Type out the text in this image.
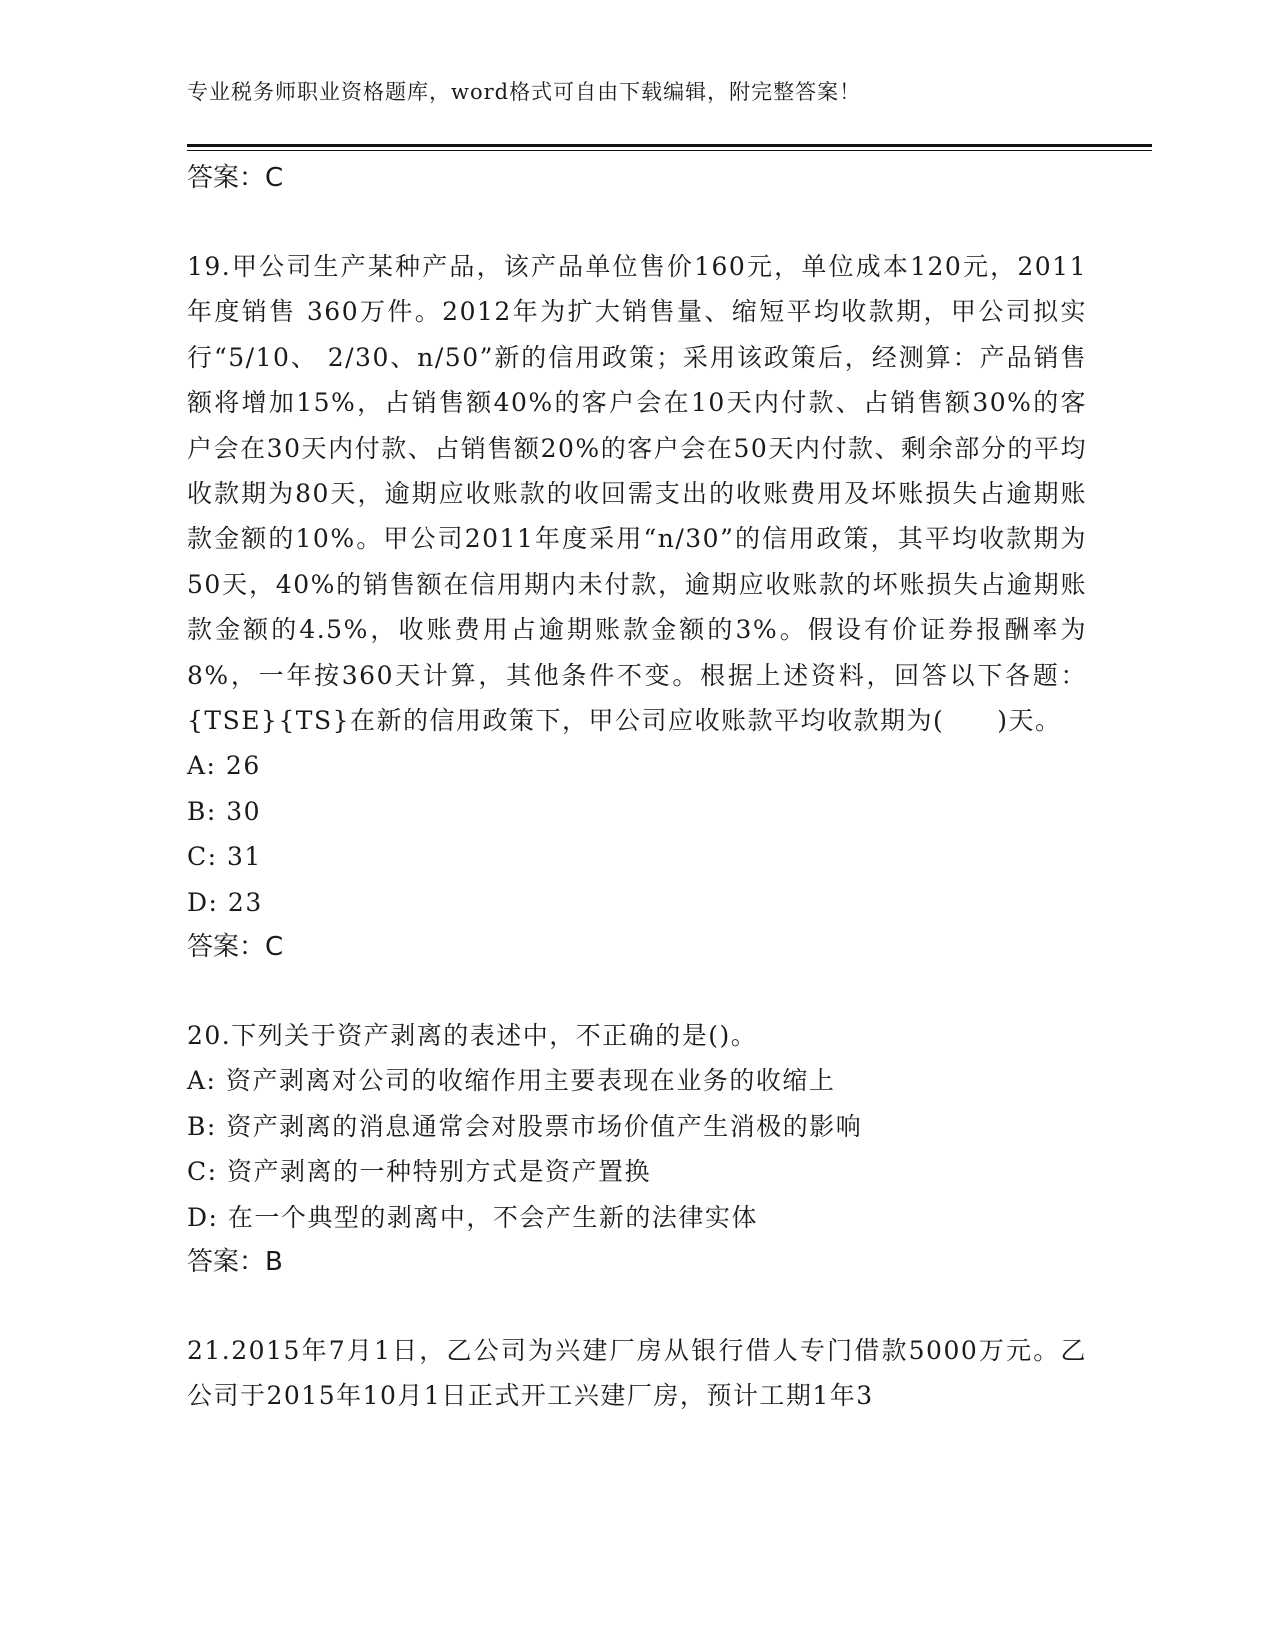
专业税务师职业资格题库，word格式可自由下载编辑，附完整答案！
答案：C

19.甲公司生产某种产品，该产品单位售价160元，单位成本120元，2011年度销售 360万件。2012年为扩大销售量、缩短平均收款期，甲公司拟实行“5/10、 2/30、n/50”新的信用政策；采用该政策后，经测算：产品销售额将增加15%，占销售额40%的客户会在10天内付款、占销售额30%的客户会在30天内付款、占销售额20%的客户会在50天内付款、剩余部分的平均收款期为80天，逾期应收账款的收回需支出的收账费用及坏账损失占逾期账款金额的10%。甲公司2011年度采用“n/30”的信用政策，其平均收款期为50天，40%的销售额在信用期内未付款，逾期应收账款的坏账损失占逾期账款金额的4.5%，收账费用占逾期账款金额的3%。假设有价证券报酬率为8%，一年按360天计算，其他条件不变。根据上述资料，回答以下各题：{TSE}{TS}在新的信用政策下，甲公司应收账款平均收款期为(　　)天。

A: 26
B: 30
C: 31
D: 23
答案：C

20.下列关于资产剥离的表述中，不正确的是()。

A: 资产剥离对公司的收缩作用主要表现在业务的收缩上
B: 资产剥离的消息通常会对股票市场价值产生消极的影响
C: 资产剥离的一种特别方式是资产置换
D: 在一个典型的剥离中，不会产生新的法律实体
答案：B

21.2015年7月1日，乙公司为兴建厂房从银行借人专门借款5000万元。乙公司于2015年10月1日正式开工兴建厂房，预计工期1年3
